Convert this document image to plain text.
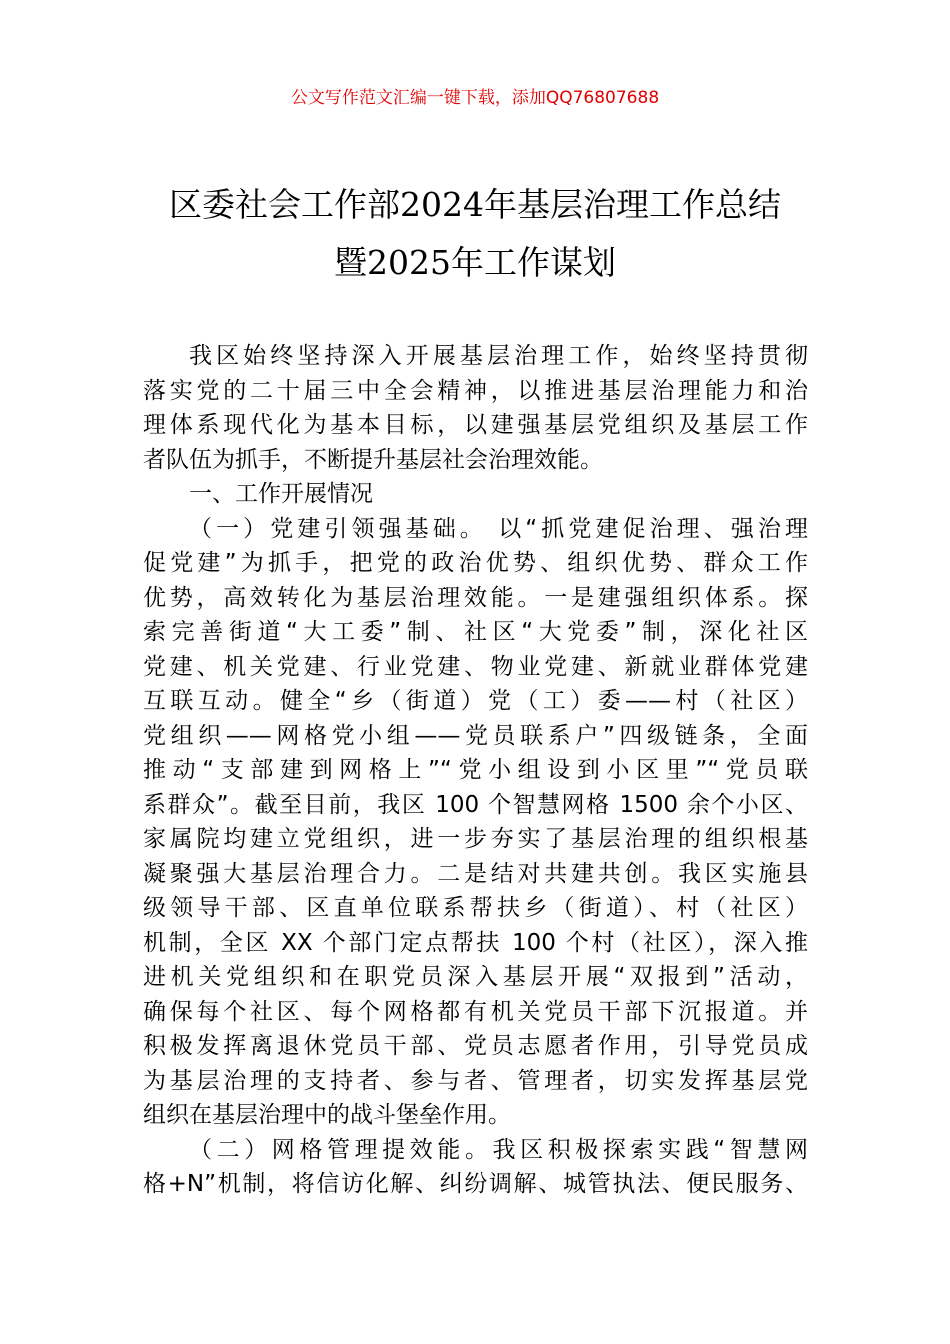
公文写作范文汇编一键下载，添加QQ76807688
区委社会工作部2024年基层治理工作总结
暨2025年工作谋划
我区始终坚持深入开展基层治理工作，始终坚持贯彻
落实党的二十届三中全会精神，以推进基层治理能力和治
理体系现代化为基本目标，以建强基层党组织及基层工作
者队伍为抓手，不断提升基层社会治理效能。
一、工作开展情况
（一）党建引领强基础。 以“抓党建促治理、强治理
促党建”为抓手，把党的政治优势、组织优势、群众工作
优势，高效转化为基层治理效能。一是建强组织体系。探
索完善街道“大工委”制、社区“大党委”制，深化社区
党建、机关党建、行业党建、物业党建、新就业群体党建
互联互动。健全“乡（街道）党（工）委——村（社区）
党组织——网格党小组——党员联系户”四级链条，全面
推动“支部建到网格上”“党小组设到小区里”“党员联
系群众”。截至目前，我区 100 个智慧网格 1500 余个小区、
家属院均建立党组织，进一步夯实了基层治理的组织根基
凝聚强大基层治理合力。二是结对共建共创。我区实施县
级领导干部、区直单位联系帮扶乡（街道）、村（社区）
机制，全区 XX 个部门定点帮扶 100 个村（社区），深入推
进机关党组织和在职党员深入基层开展“双报到”活动，
确保每个社区、每个网格都有机关党员干部下沉报道。并
积极发挥离退休党员干部、党员志愿者作用，引导党员成
为基层治理的支持者、参与者、管理者，切实发挥基层党
组织在基层治理中的战斗堡垒作用。
（二）网格管理提效能。我区积极探索实践“智慧网
格+N”机制，将信访化解、纠纷调解、城管执法、便民服务、
